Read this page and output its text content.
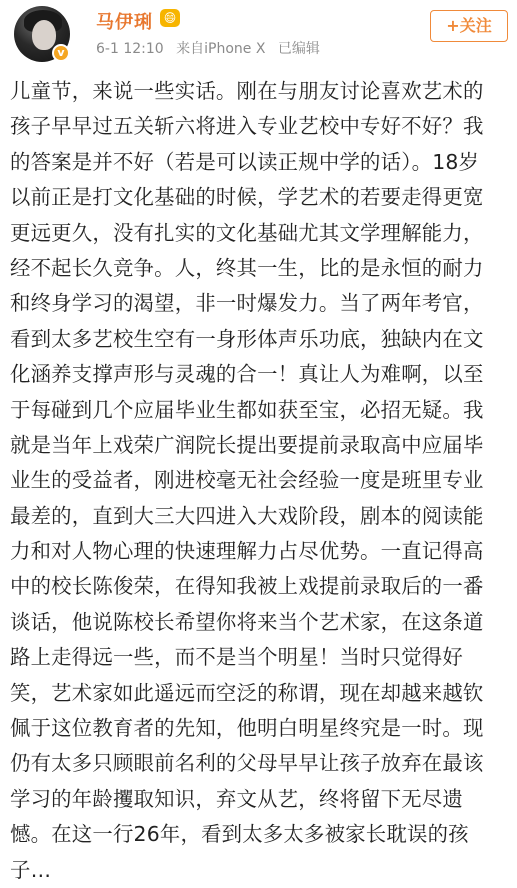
v
马伊琍 😄
6-1 12:10 来自iPhone X 已编辑
+关注
儿童节，来说一些实话。刚在与朋友讨论喜欢艺术的
孩子早早过五关斩六将进入专业艺校中专好不好？我
的答案是并不好（若是可以读正规中学的话）。18岁
以前正是打文化基础的时候，学艺术的若要走得更宽
更远更久，没有扎实的文化基础尤其文学理解能力，
经不起长久竞争。人，终其一生，比的是永恒的耐力
和终身学习的渴望，非一时爆发力。当了两年考官，
看到太多艺校生空有一身形体声乐功底，独缺内在文
化涵养支撑声形与灵魂的合一！真让人为难啊，以至
于每碰到几个应届毕业生都如获至宝，必招无疑。我
就是当年上戏荣广润院长提出要提前录取高中应届毕
业生的受益者，刚进校毫无社会经验一度是班里专业
最差的，直到大三大四进入大戏阶段，剧本的阅读能
力和对人物心理的快速理解力占尽优势。一直记得高
中的校长陈俊荣，在得知我被上戏提前录取后的一番
谈话，他说陈校长希望你将来当个艺术家，在这条道
路上走得远一些，而不是当个明星！当时只觉得好
笑，艺术家如此遥远而空泛的称谓，现在却越来越钦
佩于这位教育者的先知，他明白明星终究是一时。现
仍有太多只顾眼前名利的父母早早让孩子放弃在最该
学习的年龄攫取知识，弃文从艺，终将留下无尽遗
憾。在这一行26年，看到太多太多被家长耽误的孩
子…
